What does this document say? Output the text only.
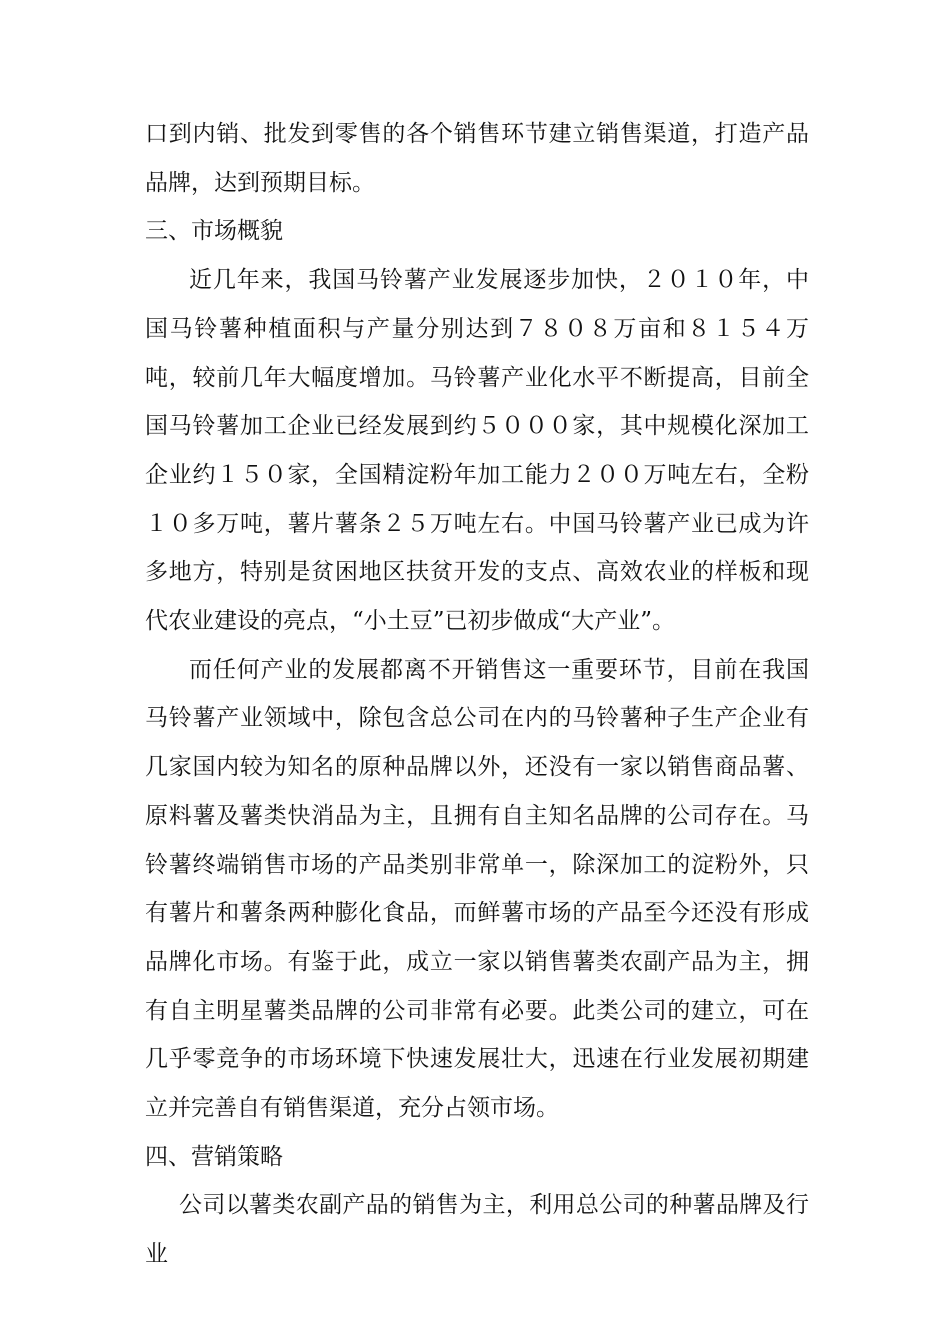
口到内销、批发到零售的各个销售环节建立销售渠道，打造产品品牌，达到预期目标。

三、市场概貌

近几年来，我国马铃薯产业发展逐步加快，２０１０年，中国马铃薯种植面积与产量分别达到７８０８万亩和８１５４万吨，较前几年大幅度增加。马铃薯产业化水平不断提高，目前全国马铃薯加工企业已经发展到约５０００家，其中规模化深加工企业约１５０家，全国精淀粉年加工能力２００万吨左右，全粉１０多万吨，薯片薯条２５万吨左右。中国马铃薯产业已成为许多地方，特别是贫困地区扶贫开发的支点、高效农业的样板和现代农业建设的亮点，“小土豆”已初步做成“大产业”。

而任何产业的发展都离不开销售这一重要环节，目前在我国马铃薯产业领域中，除包含总公司在内的马铃薯种子生产企业有几家国内较为知名的原种品牌以外，还没有一家以销售商品薯、原料薯及薯类快消品为主，且拥有自主知名品牌的公司存在。马铃薯终端销售市场的产品类别非常单一，除深加工的淀粉外，只有薯片和薯条两种膨化食品，而鲜薯市场的产品至今还没有形成品牌化市场。有鉴于此，成立一家以销售薯类农副产品为主，拥有自主明星薯类品牌的公司非常有必要。此类公司的建立，可在几乎零竞争的市场环境下快速发展壮大，迅速在行业发展初期建立并完善自有销售渠道，充分占领市场。

四、营销策略

公司以薯类农副产品的销售为主，利用总公司的种薯品牌及行业
